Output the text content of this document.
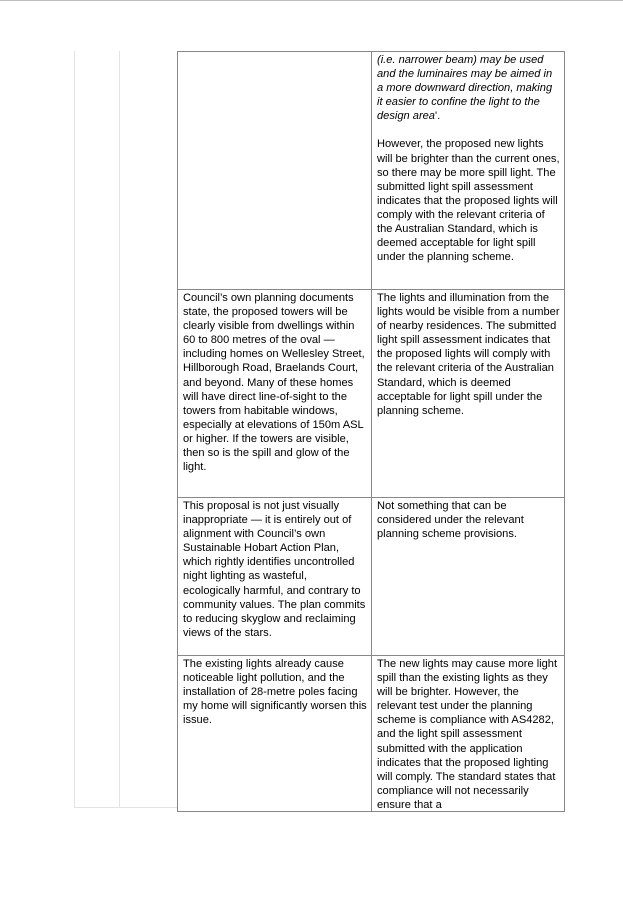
(i.e. narrower beam) may be used and the luminaires may be aimed in a more downward direction, making it easier to confine the light to the design area'.

However, the proposed new lights will be brighter than the current ones, so there may be more spill light. The submitted light spill assessment indicates that the proposed lights will comply with the relevant criteria of the Australian Standard, which is deemed acceptable for light spill under the planning scheme.

Council’s own planning documents state, the proposed towers will be clearly visible from dwellings within 60 to 800 metres of the oval — including homes on Wellesley Street, Hillborough Road, Braelands Court, and beyond. Many of these homes will have direct line-of-sight to the towers from habitable windows, especially at elevations of 150m ASL or higher. If the towers are visible, then so is the spill and glow of the light.

The lights and illumination from the lights would be visible from a number of nearby residences. The submitted light spill assessment indicates that the proposed lights will comply with the relevant criteria of the Australian Standard, which is deemed acceptable for light spill under the planning scheme.

This proposal is not just visually inappropriate — it is entirely out of alignment with Council’s own Sustainable Hobart Action Plan, which rightly identifies uncontrolled night lighting as wasteful, ecologically harmful, and contrary to community values. The plan commits to reducing skyglow and reclaiming views of the stars.

Not something that can be considered under the relevant planning scheme provisions.

The existing lights already cause noticeable light pollution, and the installation of 28-metre poles facing my home will significantly worsen this issue.

The new lights may cause more light spill than the existing lights as they will be brighter. However, the relevant test under the planning scheme is compliance with AS4282, and the light spill assessment submitted with the application indicates that the proposed lighting will comply. The standard states that compliance will not necessarily ensure that a
